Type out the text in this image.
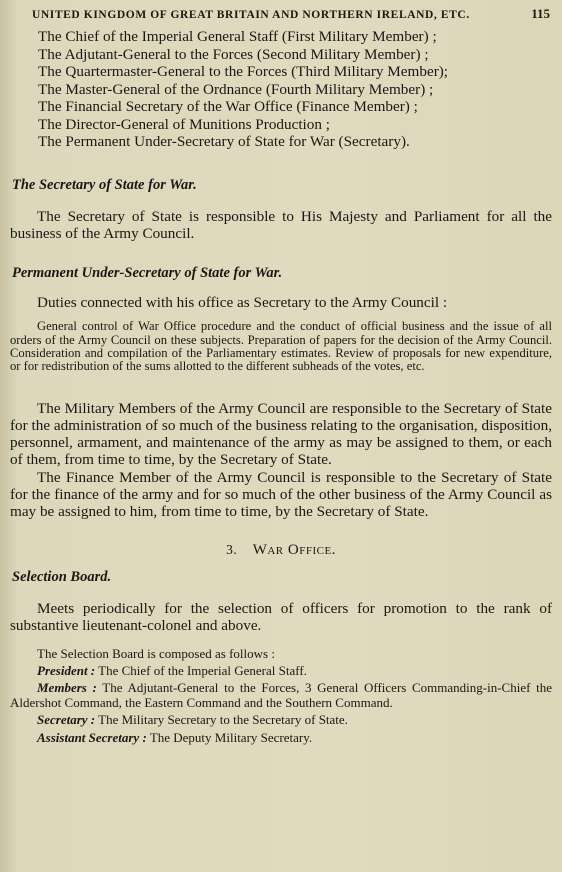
UNITED KINGDOM OF GREAT BRITAIN AND NORTHERN IRELAND, ETC.	115
The Chief of the Imperial General Staff (First Military Member) ;
The Adjutant-General to the Forces (Second Military Member) ;
The Quartermaster-General to the Forces (Third Military Member);
The Master-General of the Ordnance (Fourth Military Member) ;
The Financial Secretary of the War Office (Finance Member) ;
The Director-General of Munitions Production ;
The Permanent Under-Secretary of State for War (Secretary).
The Secretary of State for War.

The Secretary of State is responsible to His Majesty and Parliament for all the business of the Army Council.

Permanent Under-Secretary of State for War.

Duties connected with his office as Secretary to the Army Council :

General control of War Office procedure and the conduct of official business and the issue of all orders of the Army Council on these subjects. Preparation of papers for the decision of the Army Council. Consideration and compilation of the Parliamentary estimates. Review of proposals for new expenditure, or for redistribution of the sums allotted to the different subheads of the votes, etc.

The Military Members of the Army Council are responsible to the Secretary of State for the administration of so much of the business relating to the organisation, disposition, personnel, armament, and maintenance of the army as may be assigned to them, or each of them, from time to time, by the Secretary of State.

The Finance Member of the Army Council is responsible to the Secretary of State for the finance of the army and for so much of the other business of the Army Council as may be assigned to him, from time to time, by the Secretary of State.

3. War Office.
Selection Board.

Meets periodically for the selection of officers for promotion to the rank of substantive lieutenant-colonel and above.

The Selection Board is composed as follows :

President : The Chief of the Imperial General Staff.

Members : The Adjutant-General to the Forces, 3 General Officers Commanding-in-Chief the Aldershot Command, the Eastern Command and the Southern Command.

Secretary : The Military Secretary to the Secretary of State.

Assistant Secretary : The Deputy Military Secretary.
